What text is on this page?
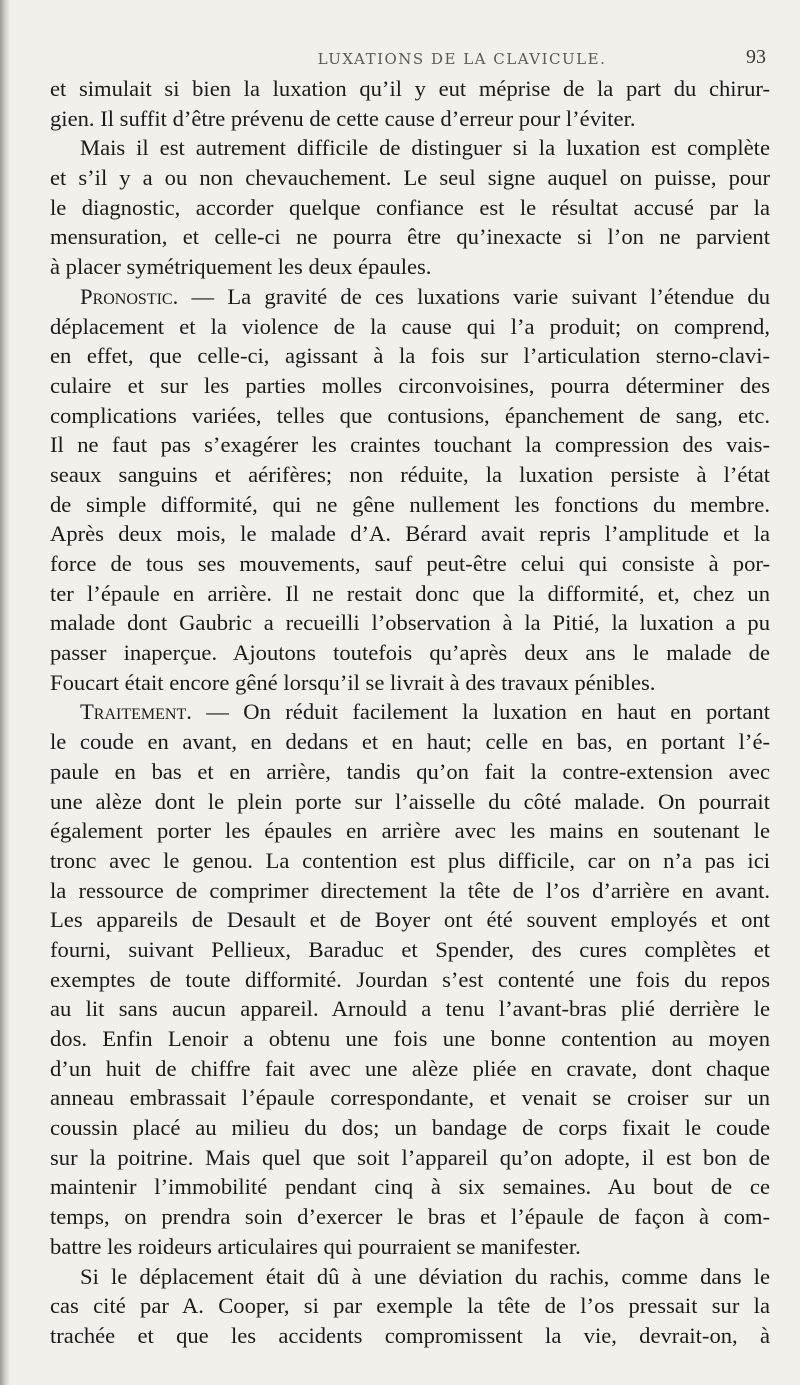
LUXATIONS DE LA CLAVICULE.	93
et simulait si bien la luxation qu’il y eut méprise de la part du chirur-
gien. Il suffit d’être prévenu de cette cause d’erreur pour l’éviter.
Mais il est autrement difficile de distinguer si la luxation est complète
et s’il y a ou non chevauchement. Le seul signe auquel on puisse, pour
le diagnostic, accorder quelque confiance est le résultat accusé par la
mensuration, et celle-ci ne pourra être qu’inexacte si l’on ne parvient
à placer symétriquement les deux épaules.
Pronostic. — La gravité de ces luxations varie suivant l’étendue du
déplacement et la violence de la cause qui l’a produit; on comprend,
en effet, que celle-ci, agissant à la fois sur l’articulation sterno-clavi-
culaire et sur les parties molles circonvoisines, pourra déterminer des
complications variées, telles que contusions, épanchement de sang, etc.
Il ne faut pas s’exagérer les craintes touchant la compression des vais-
seaux sanguins et aérifères; non réduite, la luxation persiste à l’état
de simple difformité, qui ne gêne nullement les fonctions du membre.
Après deux mois, le malade d’A. Bérard avait repris l’amplitude et la
force de tous ses mouvements, sauf peut-être celui qui consiste à por-
ter l’épaule en arrière. Il ne restait donc que la difformité, et, chez un
malade dont Gaubric a recueilli l’observation à la Pitié, la luxation a pu
passer inaperçue. Ajoutons toutefois qu’après deux ans le malade de
Foucart était encore gêné lorsqu’il se livrait à des travaux pénibles.
Traitement. — On réduit facilement la luxation en haut en portant
le coude en avant, en dedans et en haut; celle en bas, en portant l’é-
paule en bas et en arrière, tandis qu’on fait la contre-extension avec
une alèze dont le plein porte sur l’aisselle du côté malade. On pourrait
également porter les épaules en arrière avec les mains en soutenant le
tronc avec le genou. La contention est plus difficile, car on n’a pas ici
la ressource de comprimer directement la tête de l’os d’arrière en avant.
Les appareils de Desault et de Boyer ont été souvent employés et ont
fourni, suivant Pellieux, Baraduc et Spender, des cures complètes et
exemptes de toute difformité. Jourdan s’est contenté une fois du repos
au lit sans aucun appareil. Arnould a tenu l’avant-bras plié derrière le
dos. Enfin Lenoir a obtenu une fois une bonne contention au moyen
d’un huit de chiffre fait avec une alèze pliée en cravate, dont chaque
anneau embrassait l’épaule correspondante, et venait se croiser sur un
coussin placé au milieu du dos; un bandage de corps fixait le coude
sur la poitrine. Mais quel que soit l’appareil qu’on adopte, il est bon de
maintenir l’immobilité pendant cinq à six semaines. Au bout de ce
temps, on prendra soin d’exercer le bras et l’épaule de façon à com-
battre les roideurs articulaires qui pourraient se manifester.
Si le déplacement était dû à une déviation du rachis, comme dans le
cas cité par A. Cooper, si par exemple la tête de l’os pressait sur la
trachée et que les accidents compromissent la vie, devrait-on, à
